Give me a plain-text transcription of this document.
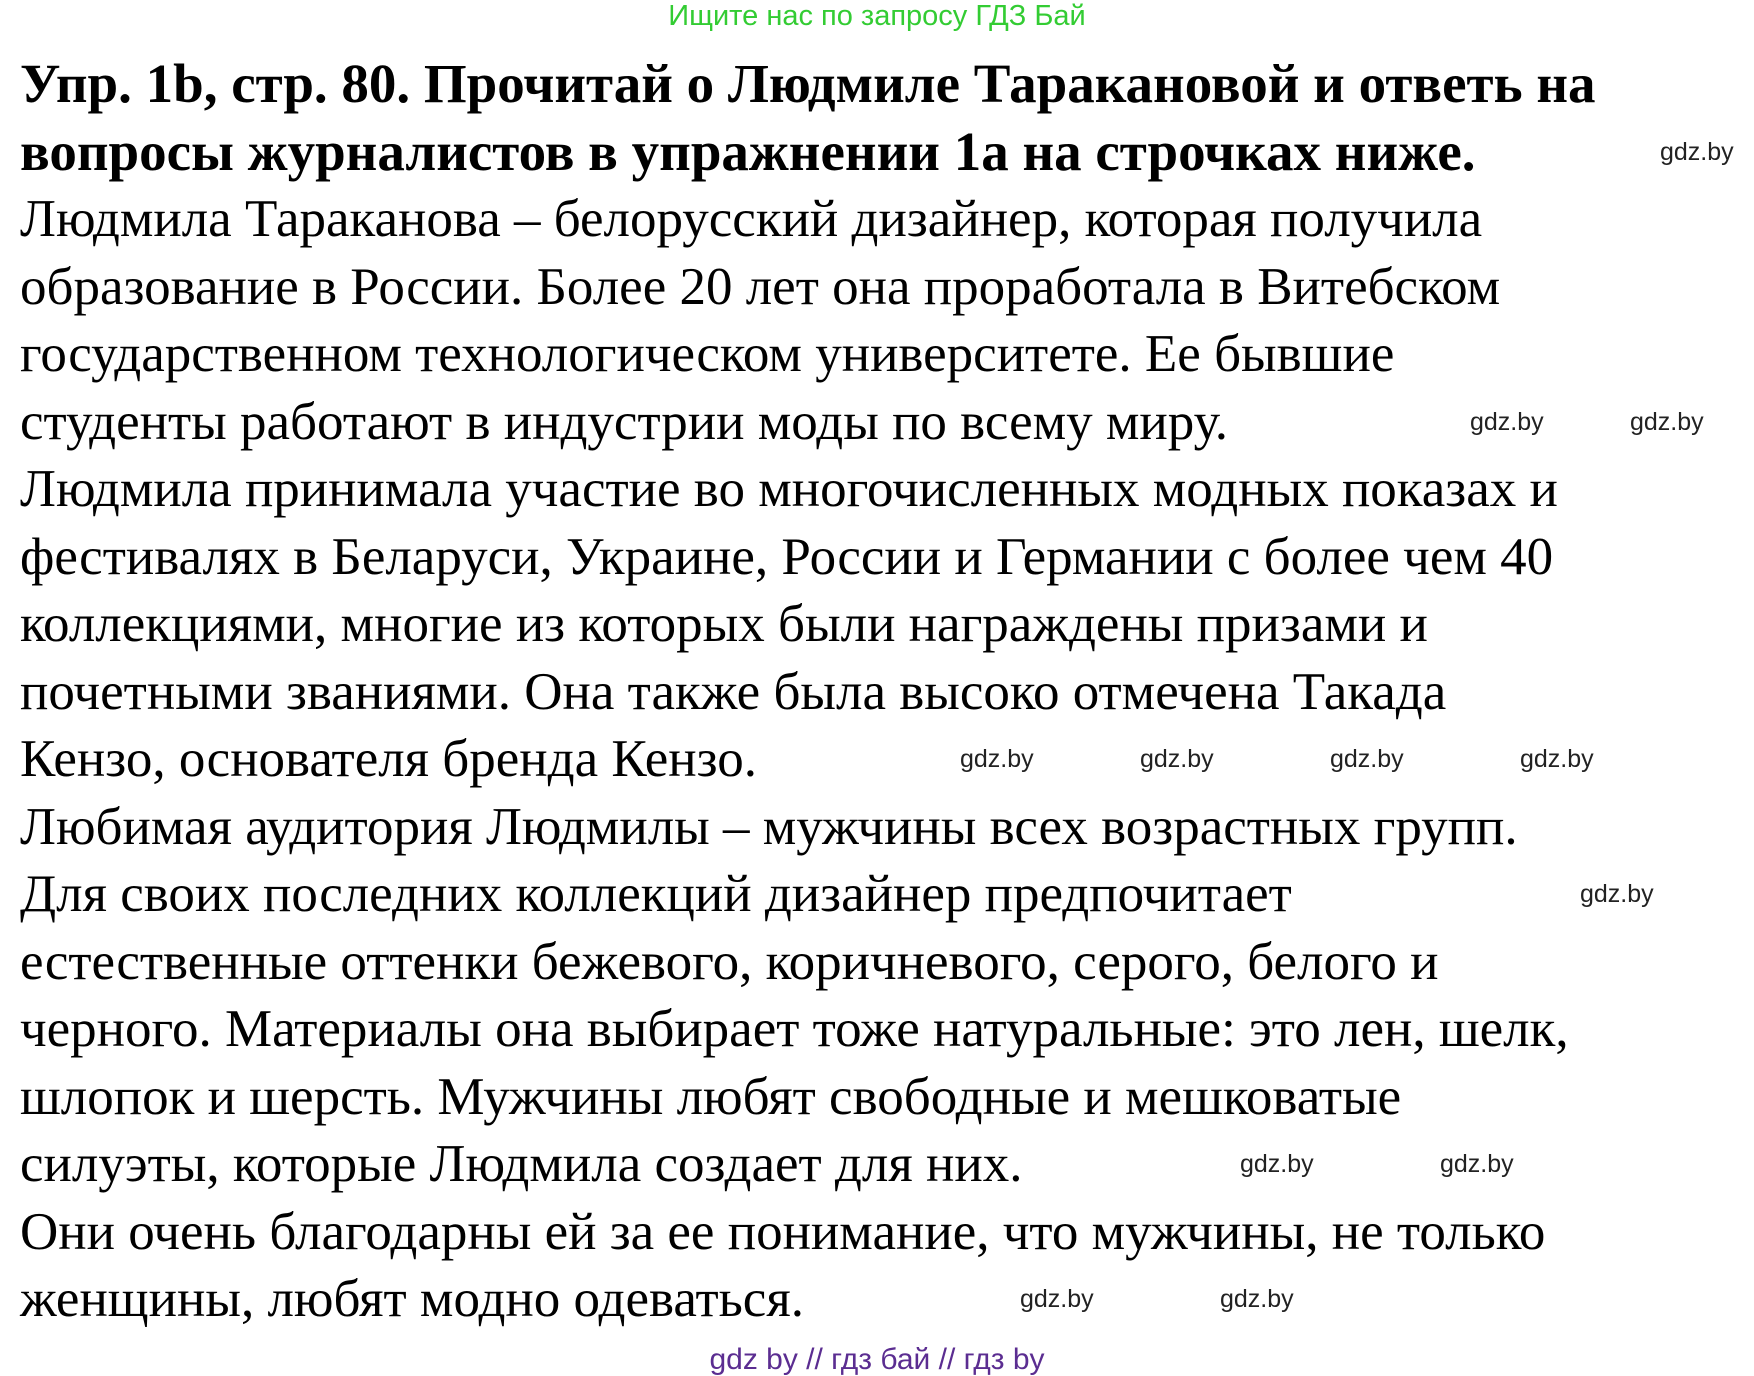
Ищите нас по запросу ГДЗ Бай
Упр. 1b, стр. 80. Прочитай о Людмиле Таракановой и ответь на
вопросы журналистов в упражнении 1а на строчках ниже.
Людмила Тараканова – белорусский дизайнер, которая получила
образование в России. Более 20 лет она проработала в Витебском
государственном технологическом университете. Ее бывшие
студенты работают в индустрии моды по всему миру.
Людмила принимала участие во многочисленных модных показах и
фестивалях в Беларуси, Украине, России и Германии с более чем 40
коллекциями, многие из которых были награждены призами и
почетными званиями. Она также была высоко отмечена Такада
Кензо, основателя бренда Кензо.
Любимая аудитория Людмилы – мужчины всех возрастных групп.
Для своих последних коллекций дизайнер предпочитает
естественные оттенки бежевого, коричневого, серого, белого и
черного. Материалы она выбирает тоже натуральные: это лен, шелк,
шлопок и шерсть. Мужчины любят свободные и мешковатые
силуэты, которые Людмила создает для них.
Они очень благодарны ей за ее понимание, что мужчины, не только
женщины, любят модно одеваться.
gdz.by
gdz.by	gdz.by
gdz.by	gdz.by	gdz.by	gdz.by
gdz.by
gdz.by	gdz.by
gdz.by	gdz.by
gdz by // гдз бай // гдз by
